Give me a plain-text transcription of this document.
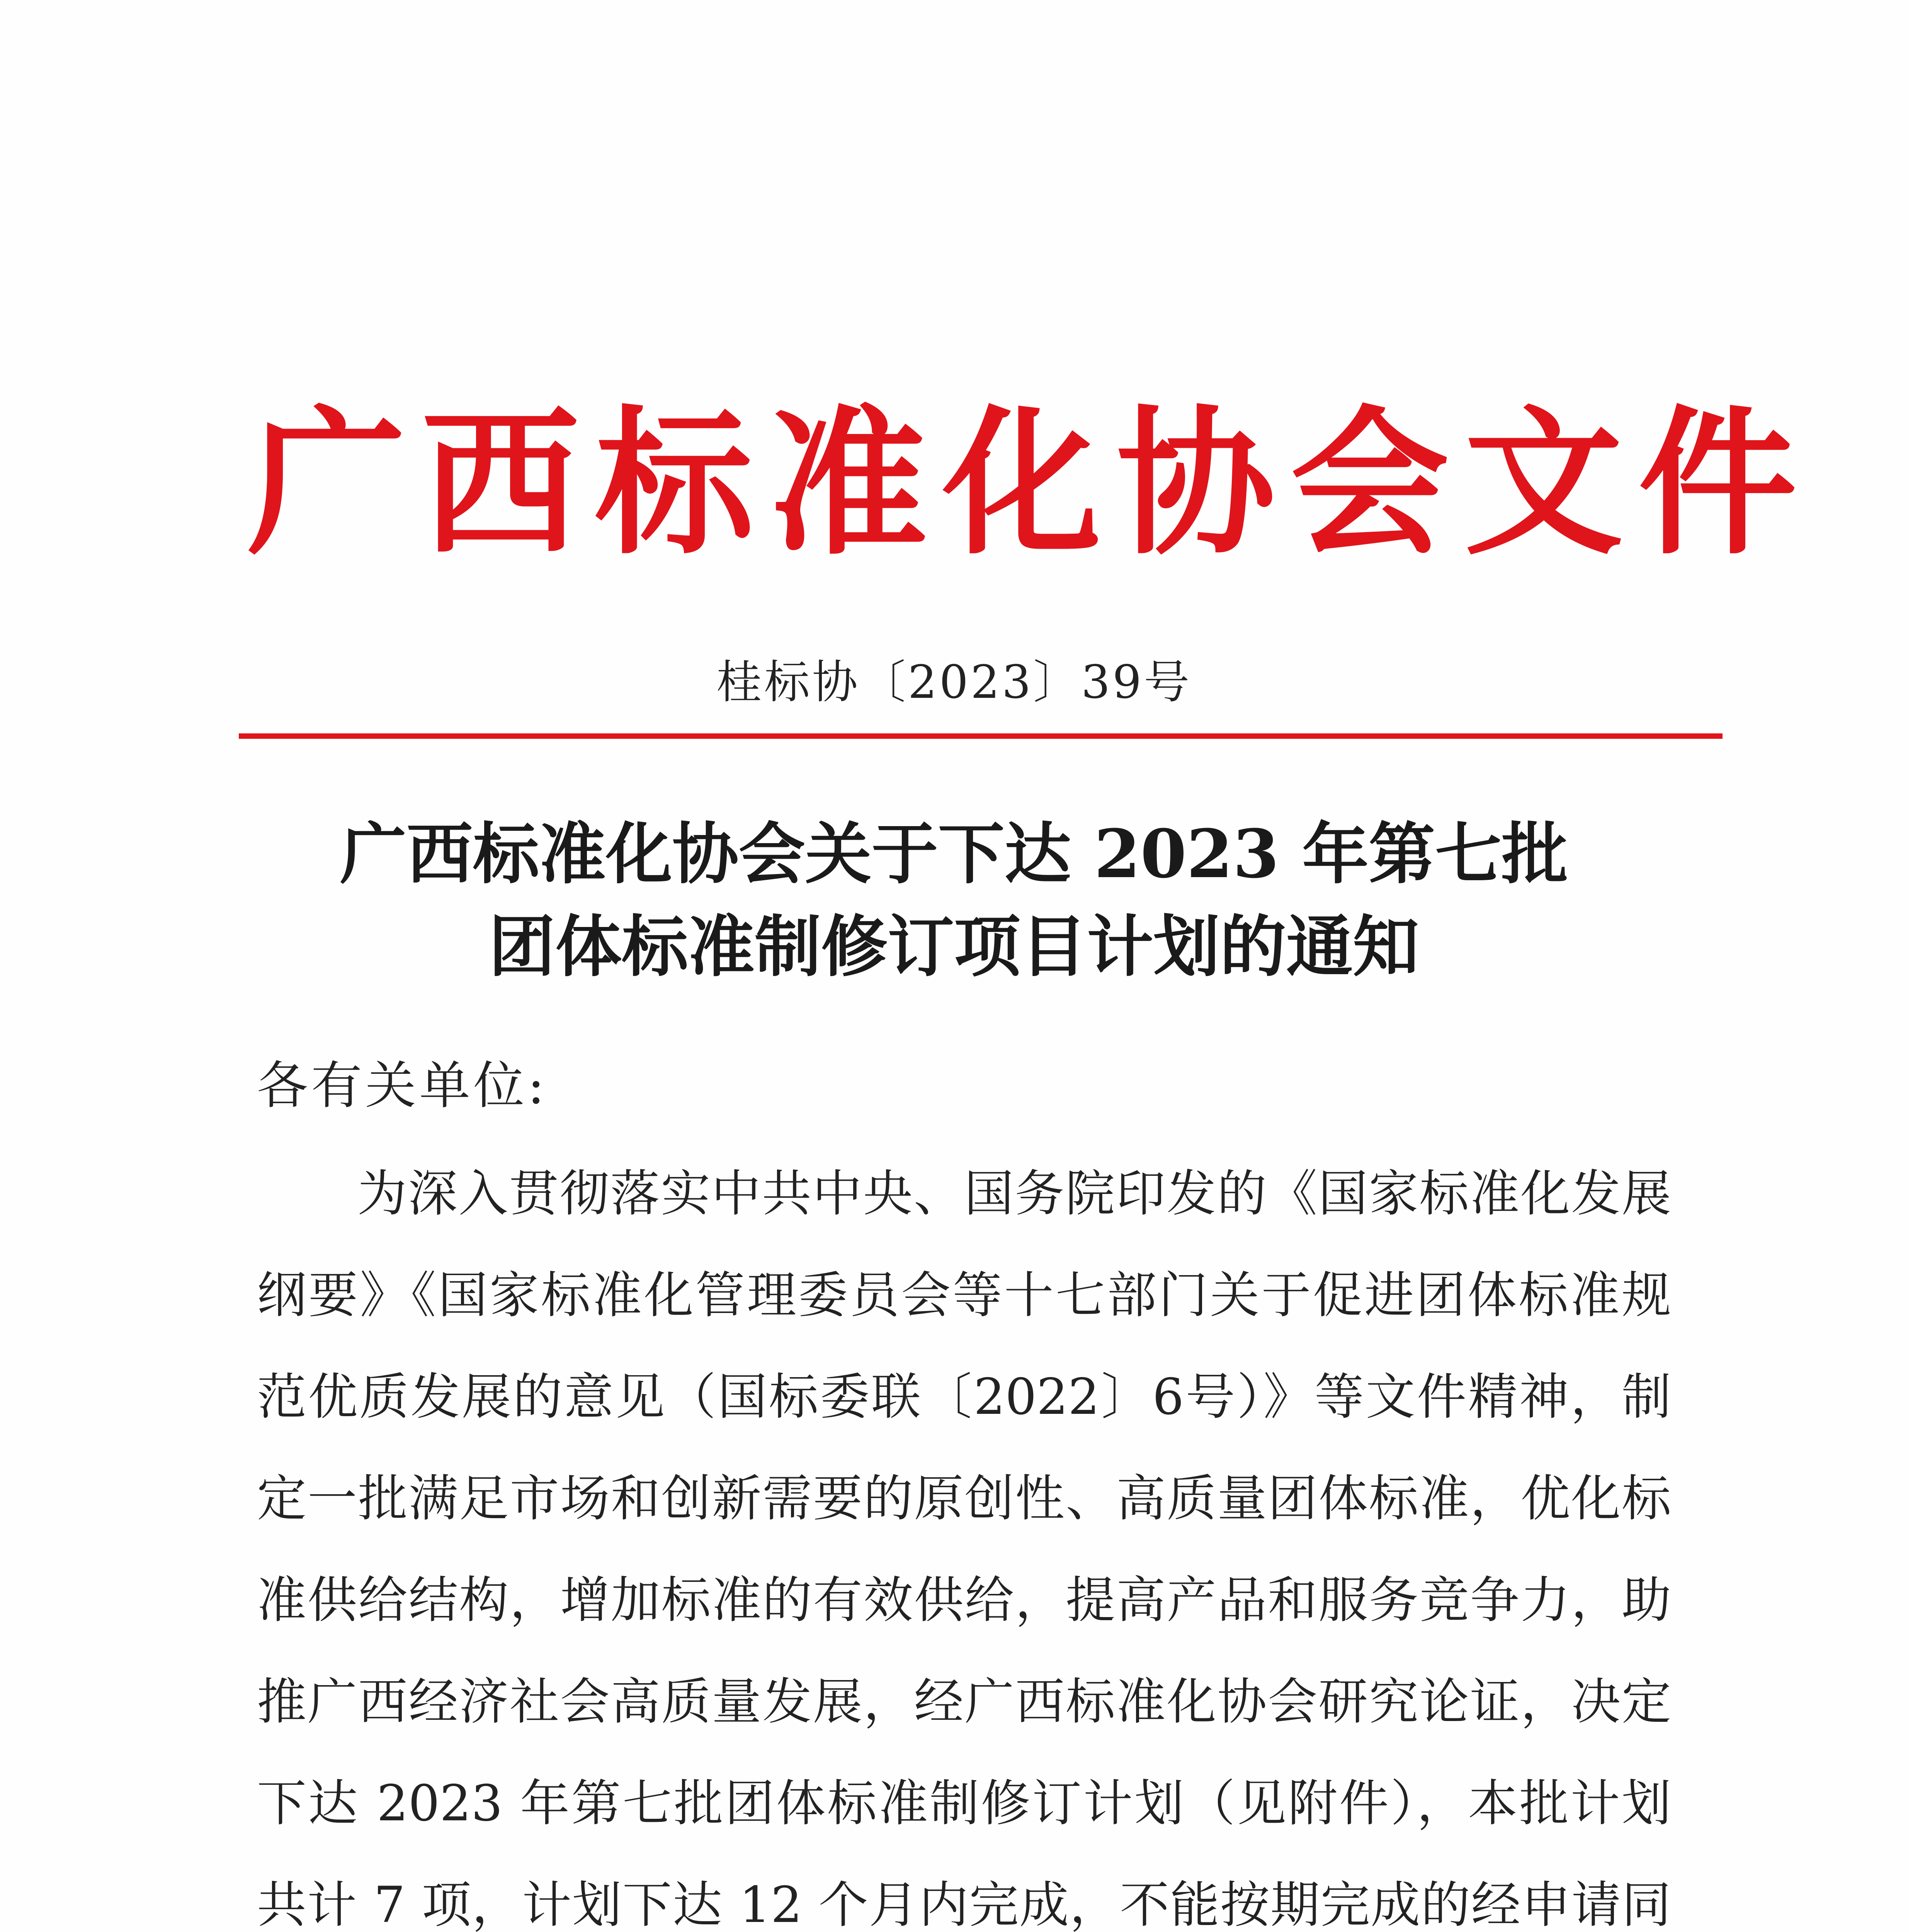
广西标准化协会文件
桂标协〔2023〕39号
广西标准化协会关于下达 2023 年第七批
团体标准制修订项目计划的通知
各有关单位:
为深入贯彻落实中共中央、国务院印发的《国家标准化发展
纲要》《国家标准化管理委员会等十七部门关于促进团体标准规
范优质发展的意见（国标委联〔2022〕6号）》等文件精神，制
定一批满足市场和创新需要的原创性、高质量团体标准，优化标
准供给结构，增加标准的有效供给，提高产品和服务竞争力，助
推广西经济社会高质量发展，经广西标准化协会研究论证，决定
下达 2023 年第七批团体标准制修订计划（见附件），本批计划
共计 7 项，计划下达 12 个月内完成，不能按期完成的经申请同
